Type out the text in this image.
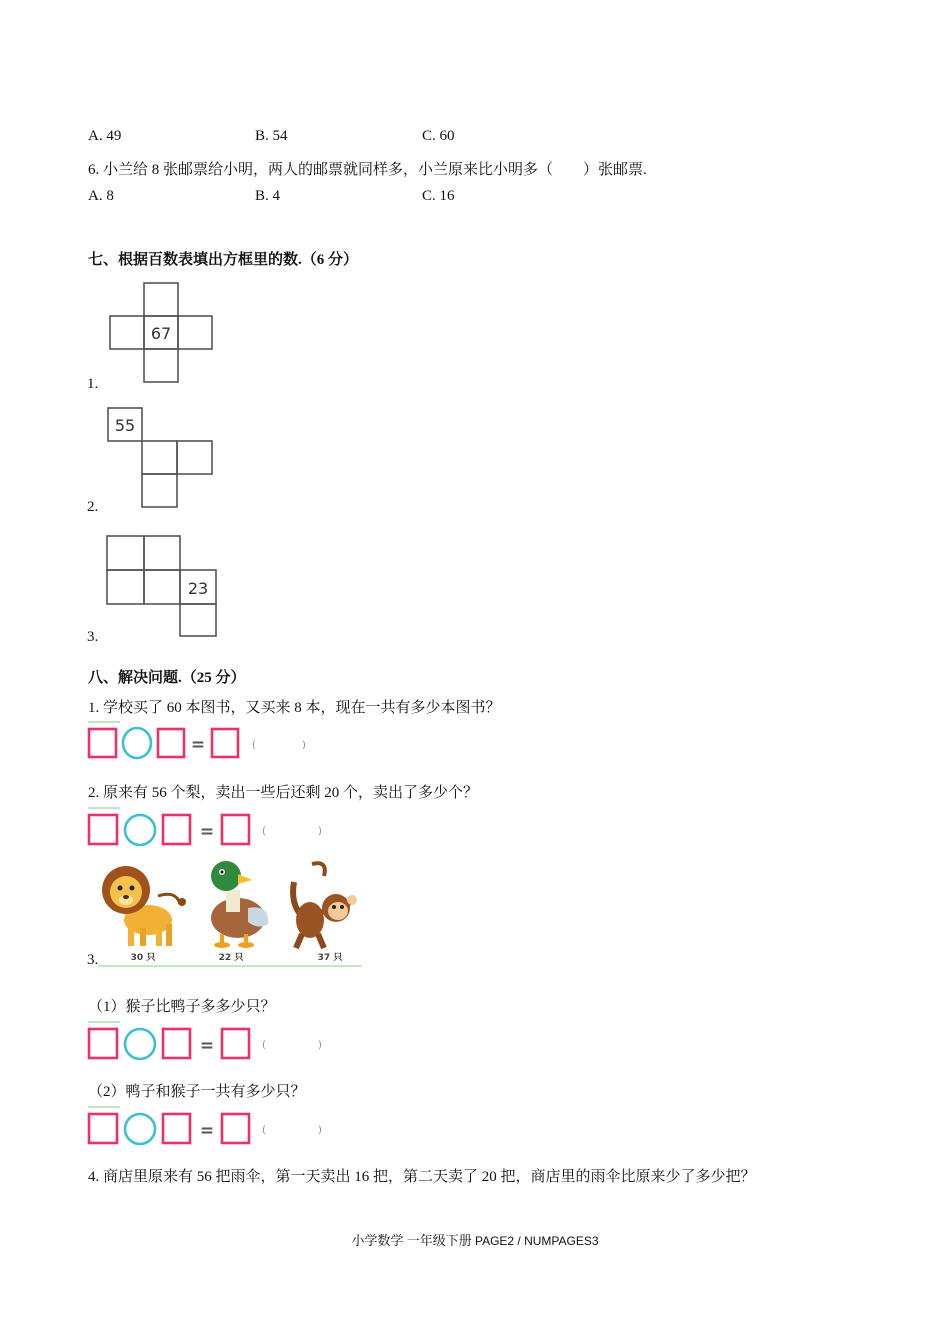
A. 49	B. 54	C. 60
6. 小兰给 8 张邮票给小明，两人的邮票就同样多，小兰原来比小明多（　　）张邮票.
A. 8	B. 4	C. 16
七、根据百数表填出方框里的数.（6 分）
67
1.
55
2.
23
3.
八、解决问题.（25 分）
1. 学校买了 60 本图书，又买来 8 本，现在一共有多少本图书？
=	(	)
2. 原来有 56 个梨，卖出一些后还剩 20 个，卖出了多少个？
=	(	)
3.	30 只	22 只	37 只
（1）猴子比鸭子多多少只？
=	(	)
（2）鸭子和猴子一共有多少只？
=	(	)
4. 商店里原来有 56 把雨伞，第一天卖出 16 把，第二天卖了 20 把，商店里的雨伞比原来少了多少把？
小学数学 一年级下册 PAGE2 / NUMPAGES3
